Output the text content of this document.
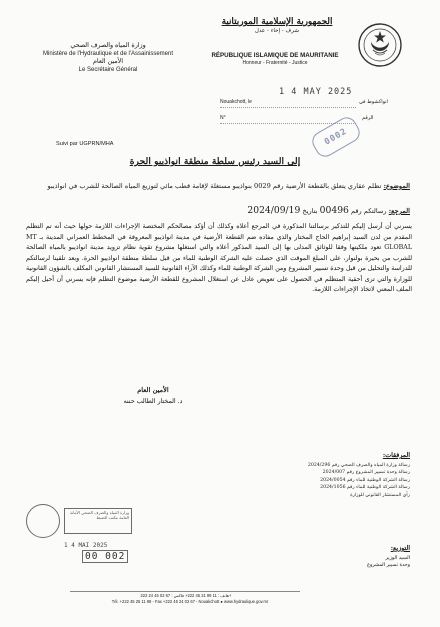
الجمهورية الإسلامية الموريتانية
شرف - إخاء - عدل
RÉPUBLIQUE ISLAMIQUE DE MAURITANIE
Honneur - Fraternité - Justice
وزارة المياه والصرف الصحي
Ministère de l'Hydraulique et de l'Assainissement
الأمين العام
Le Secrétaire Général
Nouakchott, le
1 4 MAY 2025
انواكشوط في
N°	الرقم
0002
Suivi par UGPRN/MHA
إلى السيد رئيس سلطة منطقة انواذيبو الحرة
الموضوع: تظلم عقاري يتعلق بالقطعة الأرضية رقم 0029 بنواذيبو مستغلة لإقامة قطب مائي لتوزيع المياه الصالحة للشرب في انواذيبو
المرجع: رسالتكم رقم 00496 بتاريخ 2024/09/19
يسرني أن أرسل إليكم للتذكير برسالتنا المذكورة في المرجع أعلاه وكذلك أن أؤكد مصالحكم المختصة الإجراءات اللازمة حولها حيث أنه تم التظلم المقدم من لدن السيد إبراهيم الحاج المختار والذي مفاده ضم القطعة الأرضية في مدينة انواذيبو المعروفة في المخطط العمراني المدينة بـ MT GLOBAL تعود ملكيتها وفقا للوثائق المدلى بها إلى السيد المذكور أعلاه والتي استغلها مشروع تقوية نظام تزويد مدينة انواذيبو بالمياه الصالحة للشرب من بحيرة بولنوار، على المبلغ الموقت الذي حصلت عليه الشركة الوطنية للماء من قبل سلطة منطقة انواذيبو الحرة. وبعد تلقينا لرسالتكم للدراسة والتحليل من قبل وحدة تسيير المشروع ومن الشركة الوطنية للماء وكذلك الآراء القانونية للسيد المستشار القانوني المكلف بالشؤون القانونية للوزارة والتي ترى أحقية المتظلم في الحصول على تعويض عادل عن استغلال المشروع للقطعة الأرضية موضوع التظلم فإنه يسرني أن أحيل إليكم الملف المعني لاتخاذ الإجراءات اللازمة.
الأمين العام
د. المختار الطالب حننه
المرفقات:
رسالة وزارة المياه والصرف الصحي رقم 2024/296
رسالة وحدة تسيير المشروع رقم 2024/007
رسالة الشركة الوطنية للماء رقم 2024/0054
رسالة الشركة الوطنية للماء رقم 2024/1056
رأي المستشار القانوني للوزارة
وزارة المياه والصرف الصحي الأمانة العامة مكتب الضبط
1 4 MAI 2025
00 002
التوزيع:
السيد الوزير
وحدة تسيير المشروع
هاتف : 11 99 21 45 222+ فاكس : 67 02 45 24 222+
Tél. +222 45 25 11 99 - Fax +222 45 24 02 67 - Nouakchott ● www.hydraulique.gov.mr
